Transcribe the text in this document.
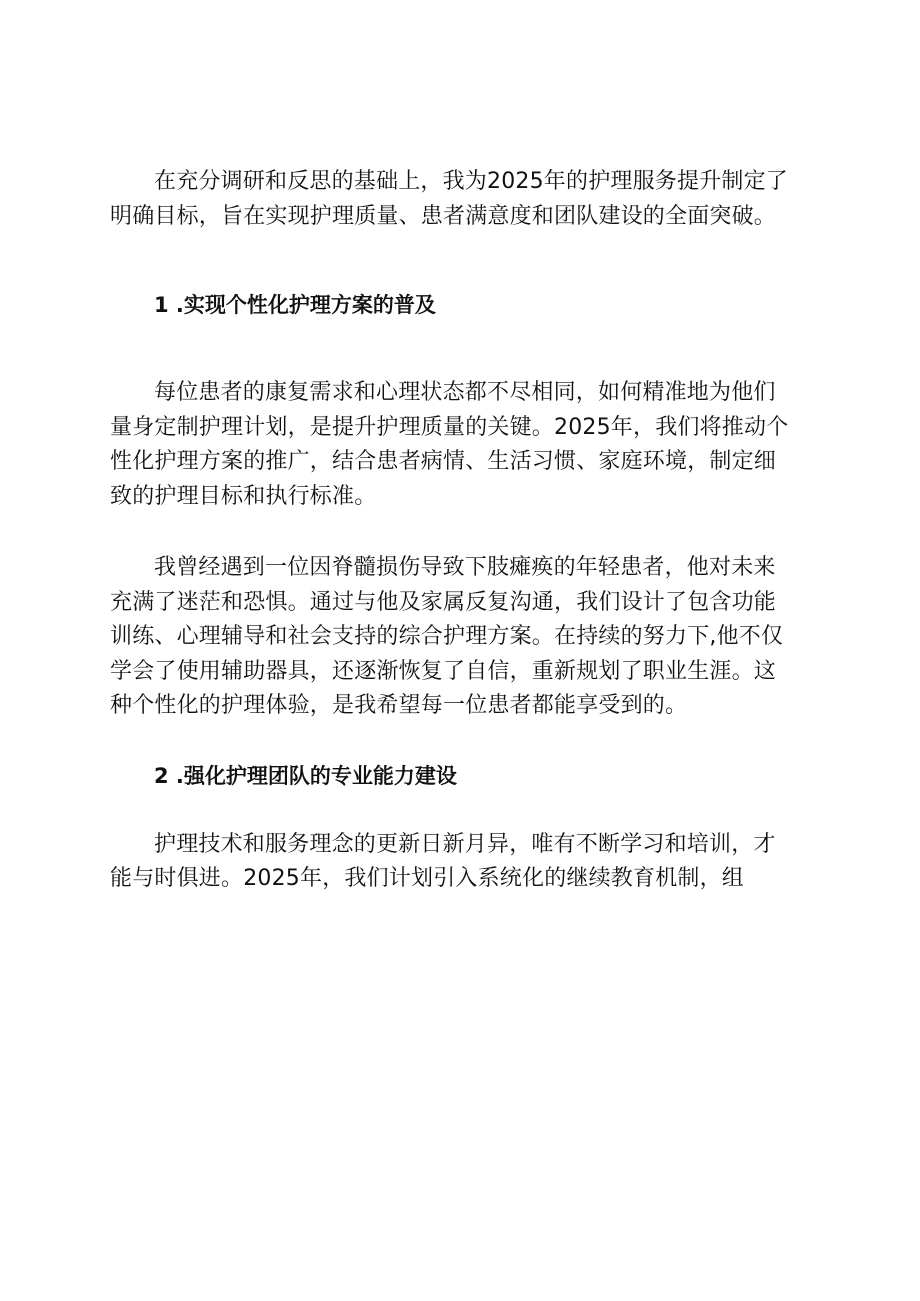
在充分调研和反思的基础上，我为2025年的护理服务提升制定了
明确目标，旨在实现护理质量、患者满意度和团队建设的全面突破。

1 .实现个性化护理方案的普及

每位患者的康复需求和心理状态都不尽相同，如何精准地为他们
量身定制护理计划，是提升护理质量的关键。2025年，我们将推动个
性化护理方案的推广，结合患者病情、生活习惯、家庭环境，制定细
致的护理目标和执行标准。

我曾经遇到一位因脊髓损伤导致下肢瘫痪的年轻患者，他对未来
充满了迷茫和恐惧。通过与他及家属反复沟通，我们设计了包含功能
训练、心理辅导和社会支持的综合护理方案。在持续的努力下,他不仅
学会了使用辅助器具，还逐渐恢复了自信，重新规划了职业生涯。这
种个性化的护理体验，是我希望每一位患者都能享受到的。

2 .强化护理团队的专业能力建设

护理技术和服务理念的更新日新月异，唯有不断学习和培训，才
能与时俱进。2025年，我们计划引入系统化的继续教育机制，组
